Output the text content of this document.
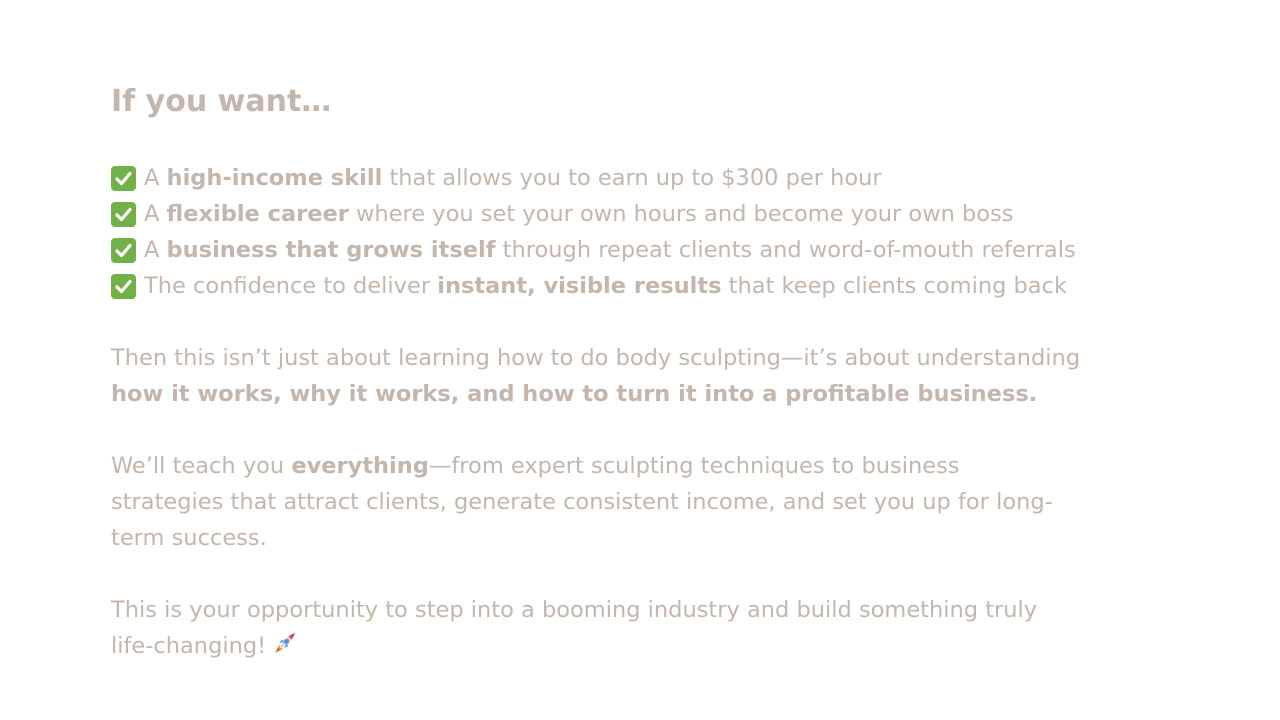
If you want…
A high-income skill that allows you to earn up to $300 per hour
A flexible career where you set your own hours and become your own boss
A business that grows itself through repeat clients and word-of-mouth referrals
The confidence to deliver instant, visible results that keep clients coming back

Then this isn’t just about learning how to do body sculpting—it’s about understanding
how it works, why it works, and how to turn it into a profitable business.

We’ll teach you everything—from expert sculpting techniques to business
strategies that attract clients, generate consistent income, and set you up for long-
term success.

This is your opportunity to step into a booming industry and build something truly
life-changing!
